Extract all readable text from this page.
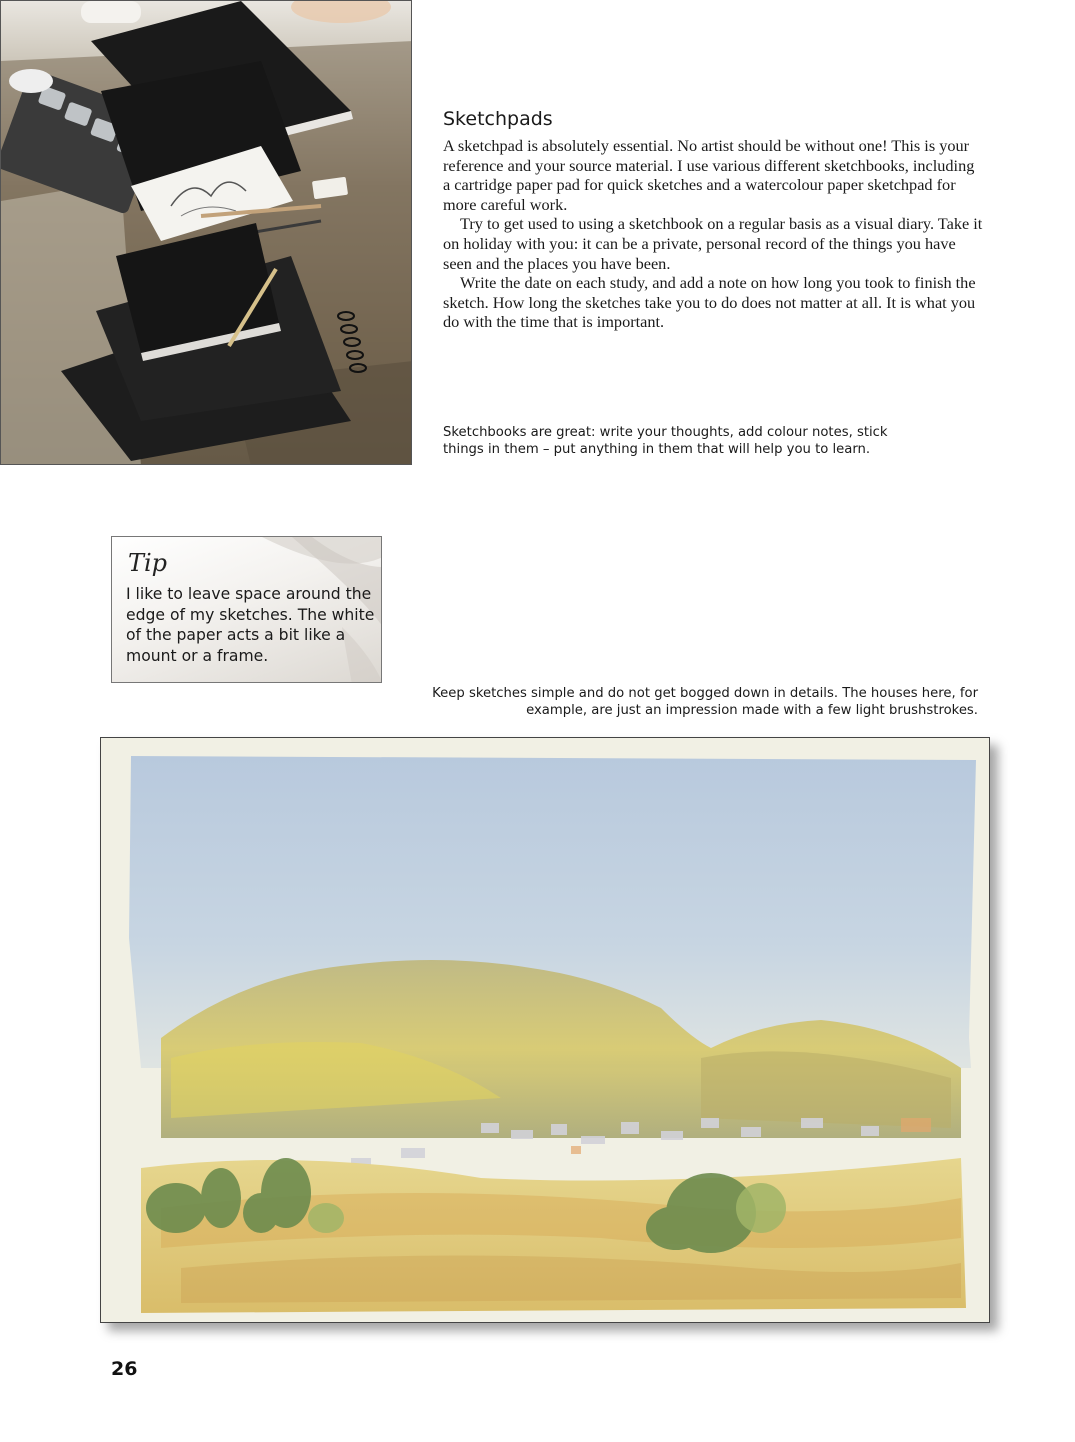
Sketchpads

A sketchpad is absolutely essential. No artist should be without one! This is your reference and your source material. I use various different sketchbooks, including a cartridge paper pad for quick sketches and a watercolour paper sketchpad for more careful work.

Try to get used to using a sketchbook on a regular basis as a visual diary. Take it on holiday with you: it can be a private, personal record of the things you have seen and the places you have been.

Write the date on each study, and add a note on how long you took to finish the sketch. How long the sketches take you to do does not matter at all. It is what you do with the time that is important.

Sketchbooks are great: write your thoughts, add colour notes, stick things in them – put anything in them that will help you to learn.
Tip
I like to leave space around the edge of my sketches. The white of the paper acts a bit like a mount or a frame.
Keep sketches simple and do not get bogged down in details. The houses here, for example, are just an impression made with a few light brushstrokes.
26
